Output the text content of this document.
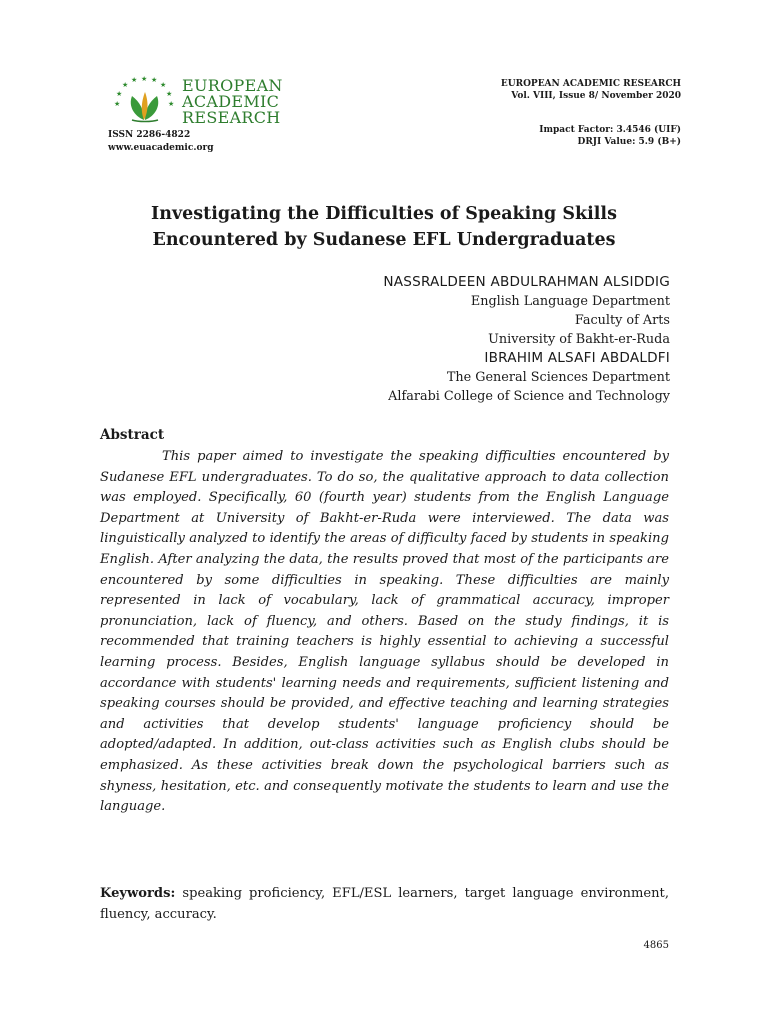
★
★
★
★ ★ ★
★
★
★
EUROPEAN
ACADEMIC
RESEARCH
ISSN 2286-4822
www.euacademic.org
EUROPEAN ACADEMIC RESEARCH
Vol. VIII, Issue 8/ November 2020
Impact Factor: 3.4546 (UIF)
DRJI Value: 5.9 (B+)
Investigating the Difficulties of Speaking Skills
Encountered by Sudanese EFL Undergraduates
NASSRALDEEN ABDULRAHMAN ALSIDDIG
English Language Department
Faculty of Arts
University of Bakht-er-Ruda
IBRAHIM ALSAFI ABDALDFI
The General Sciences Department
Alfarabi College of Science and Technology
Abstract

This paper aimed to investigate the speaking difficulties encountered by Sudanese EFL undergraduates. To do so, the qualitative approach to data collection was employed. Specifically, 60 (fourth year) students from the English Language Department at University of Bakht-er-Ruda were interviewed. The data was linguistically analyzed to identify the areas of difficulty faced by students in speaking English. After analyzing the data, the results proved that most of the participants are encountered by some difficulties in speaking. These difficulties are mainly represented in lack of vocabulary, lack of grammatical accuracy, improper pronunciation, lack of fluency, and others. Based on the study findings, it is recommended that training teachers is highly essential to achieving a successful learning process. Besides, English language syllabus should be developed in accordance with students' learning needs and requirements, sufficient listening and speaking courses should be provided, and effective teaching and learning strategies and activities that develop students' language proficiency should be adopted/adapted. In addition, out-class activities such as English clubs should be emphasized. As these activities break down the psychological barriers such as shyness, hesitation, etc. and consequently motivate the students to learn and use the language.

Keywords: speaking proficiency, EFL/ESL learners, target language environment, fluency, accuracy.

4865
